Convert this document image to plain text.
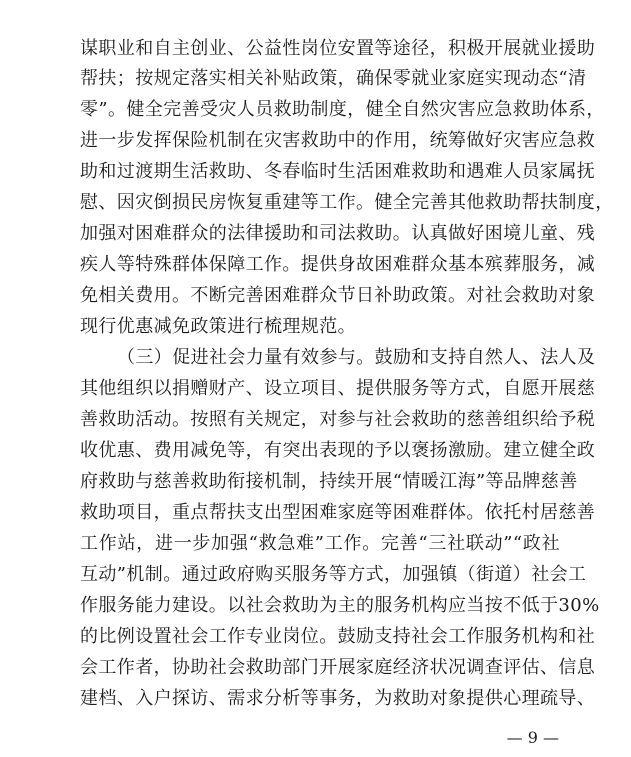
谋职业和自主创业、公益性岗位安置等途径，积极开展就业援助
帮扶；按规定落实相关补贴政策，确保零就业家庭实现动态“清
零”。健全完善受灾人员救助制度，健全自然灾害应急救助体系，
进一步发挥保险机制在灾害救助中的作用，统筹做好灾害应急救
助和过渡期生活救助、冬春临时生活困难救助和遇难人员家属抚
慰、因灾倒损民房恢复重建等工作。健全完善其他救助帮扶制度，
加强对困难群众的法律援助和司法救助。认真做好困境儿童、残
疾人等特殊群体保障工作。提供身故困难群众基本殡葬服务，减
免相关费用。不断完善困难群众节日补助政策。对社会救助对象
现行优惠减免政策进行梳理规范。
（三）促进社会力量有效参与。鼓励和支持自然人、法人及
其他组织以捐赠财产、设立项目、提供服务等方式，自愿开展慈
善救助活动。按照有关规定，对参与社会救助的慈善组织给予税
收优惠、费用减免等，有突出表现的予以褒扬激励。建立健全政
府救助与慈善救助衔接机制，持续开展“情暖江海”等品牌慈善
救助项目，重点帮扶支出型困难家庭等困难群体。依托村居慈善
工作站，进一步加强“救急难”工作。完善“三社联动”“政社
互动”机制。通过政府购买服务等方式，加强镇（街道）社会工
作服务能力建设。以社会救助为主的服务机构应当按不低于30%
的比例设置社会工作专业岗位。鼓励支持社会工作服务机构和社
会工作者，协助社会救助部门开展家庭经济状况调查评估、信息
建档、入户探访、需求分析等事务，为救助对象提供心理疏导、
— 9 —
